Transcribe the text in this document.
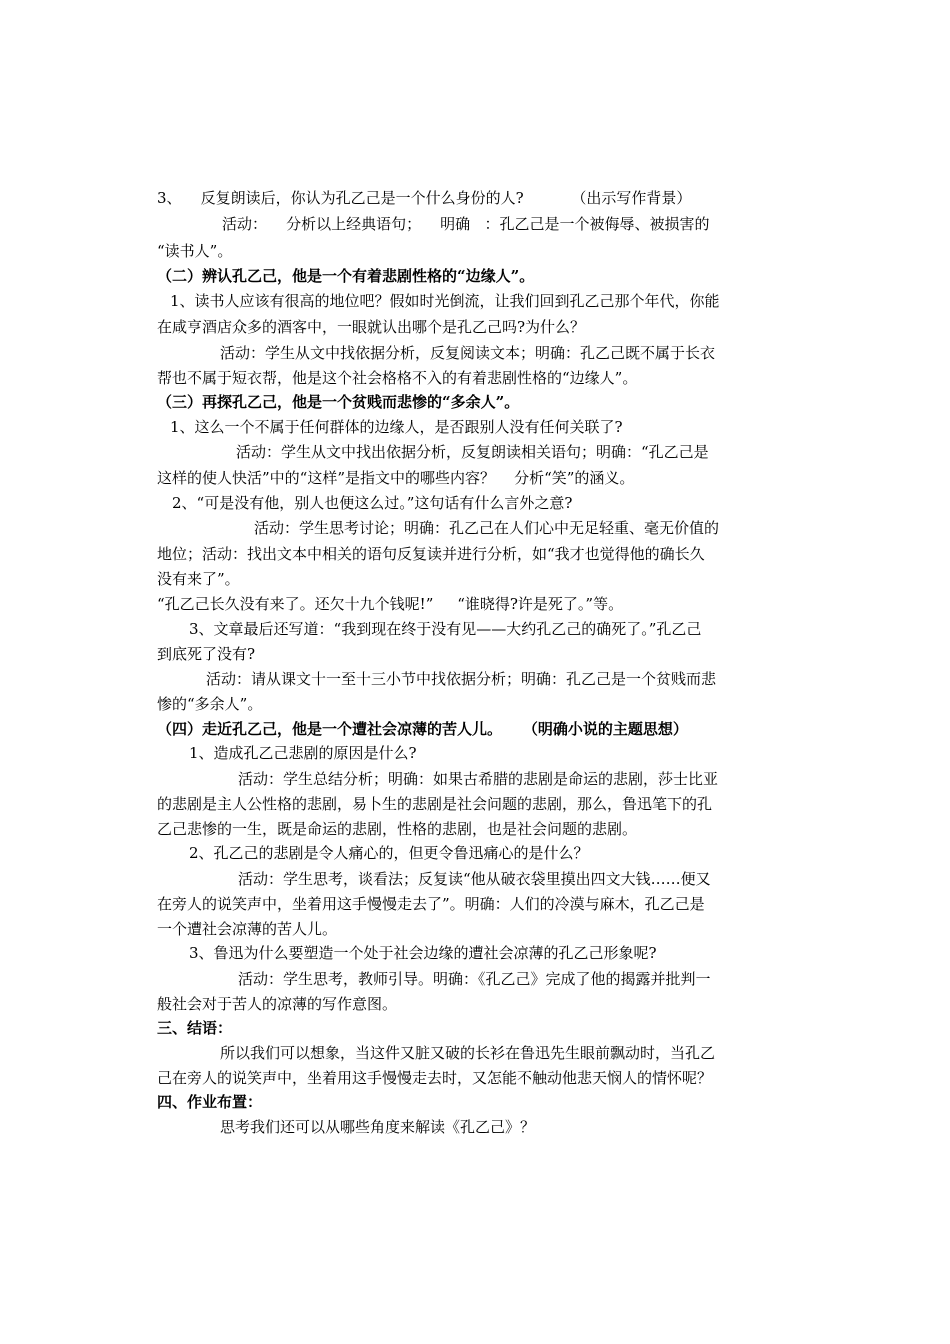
3、    反复朗读后，你认为孔乙己是一个什么身份的人?          （出示写作背景）
活动：    分析以上经典语句；    明确   ：孔乙己是一个被侮辱、被损害的
“读书人”。
（二）辨认孔乙己，他是一个有着悲剧性格的“边缘人”。
1、读书人应该有很高的地位吧？假如时光倒流，让我们回到孔乙己那个年代，你能
在咸亨酒店众多的酒客中，一眼就认出哪个是孔乙己吗?为什么？
活动：学生从文中找依据分析，反复阅读文本；明确：孔乙己既不属于长衣
帮也不属于短衣帮，他是这个社会格格不入的有着悲剧性格的“边缘人”。
（三）再探孔乙己，他是一个贫贱而悲惨的“多余人”。
1、这么一个不属于任何群体的边缘人，是否跟别人没有任何关联了?
活动：学生从文中找出依据分析，反复朗读相关语句；明确：“孔乙己是
这样的使人快活”中的“这样”是指文中的哪些内容？    分析“笑”的涵义。
2、“可是没有他，别人也便这么过。”这句话有什么言外之意?
活动：学生思考讨论；明确：孔乙己在人们心中无足轻重、毫无价值的
地位；活动：找出文本中相关的语句反复读并进行分析，如“我才也觉得他的确长久
没有来了”。
“孔乙己长久没有来了。还欠十九个钱呢!”     “谁晓得?许是死了。”等。
3、文章最后还写道：“我到现在终于没有见——大约孔乙己的确死了。”孔乙己
到底死了没有?
活动：请从课文十一至十三小节中找依据分析；明确：孔乙己是一个贫贱而悲
惨的“多余人”。
（四）走近孔乙己，他是一个遭社会凉薄的苦人儿。    （明确小说的主题思想）
1、造成孔乙己悲剧的原因是什么?
活动：学生总结分析；明确：如果古希腊的悲剧是命运的悲剧，莎士比亚
的悲剧是主人公性格的悲剧，易卜生的悲剧是社会问题的悲剧，那么，鲁迅笔下的孔
乙己悲惨的一生，既是命运的悲剧，性格的悲剧，也是社会问题的悲剧。
2、孔乙己的悲剧是令人痛心的，但更令鲁迅痛心的是什么？
活动：学生思考，谈看法；反复读“他从破衣袋里摸出四文大钱……便又
在旁人的说笑声中，坐着用这手慢慢走去了”。明确：人们的冷漠与麻木，孔乙己是
一个遭社会凉薄的苦人儿。
3、鲁迅为什么要塑造一个处于社会边缘的遭社会凉薄的孔乙己形象呢?
活动：学生思考，教师引导。明确：《孔乙己》完成了他的揭露并批判一
般社会对于苦人的凉薄的写作意图。
三、结语：
所以我们可以想象，当这件又脏又破的长衫在鲁迅先生眼前飘动时，当孔乙
己在旁人的说笑声中，坐着用这手慢慢走去时，又怎能不触动他悲天悯人的情怀呢？
四、作业布置：
思考我们还可以从哪些角度来解读《孔乙己》？
